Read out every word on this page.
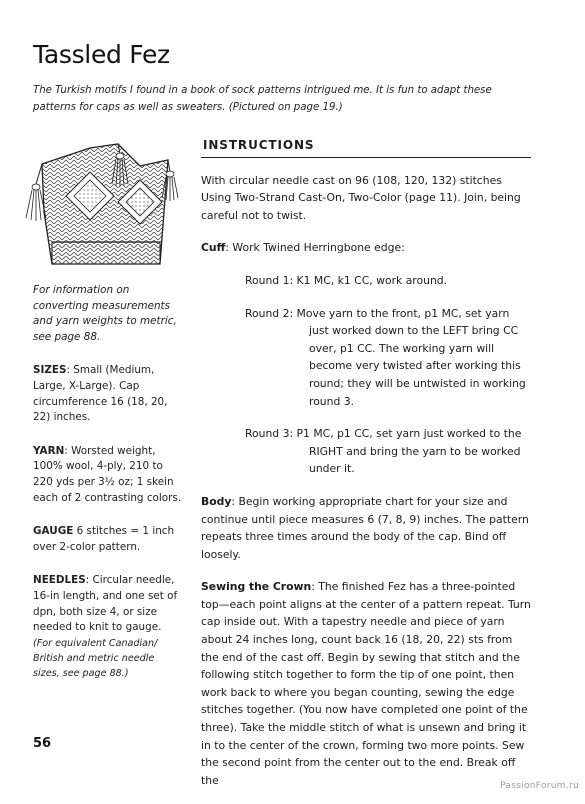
Tassled Fez

The Turkish motifs I found in a book of sock patterns intrigued me. It is fun to adapt these patterns for caps as well as sweaters. (Pictured on page 19.)

For information on converting measurements and yarn weights to metric, see page 88.

SIZES: Small (Medium, Large, X-Large). Cap circumference 16 (18, 20, 22) inches.

YARN: Worsted weight, 100% wool, 4-ply, 210 to 220 yds per 3½ oz; 1 skein each of 2 contrasting colors.

GAUGE 6 stitches = 1 inch over 2-color pattern.

NEEDLES: Circular needle, 16-in length, and one set of dpn, both size 4, or size needed to knit to gauge.
(For equivalent Canadian/ British and metric needle sizes, see page 88.)

INSTRUCTIONS

With circular needle cast on 96 (108, 120, 132) stitches Using Two-Strand Cast-On, Two-Color (page 11). Join, being careful not to twist.

Cuff: Work Twined Herringbone edge:

Round 1: K1 MC, k1 CC, work around.

Round 2: Move yarn to the front, p1 MC, set yarn just worked down to the LEFT bring CC over, p1 CC. The working yarn will become very twisted after working this round; they will be untwisted in working round 3.

Round 3: P1 MC, p1 CC, set yarn just worked to the RIGHT and bring the yarn to be worked under it.

Body: Begin working appropriate chart for your size and continue until piece measures 6 (7, 8, 9) inches. The pattern repeats three times around the body of the cap. Bind off loosely.

Sewing the Crown: The finished Fez has a three-pointed top—each point aligns at the center of a pattern repeat. Turn cap inside out. With a tapestry needle and piece of yarn about 24 inches long, count back 16 (18, 20, 22) sts from the end of the cast off. Begin by sewing that stitch and the following stitch together to form the tip of one point, then work back to where you began counting, sewing the edge stitches together. (You now have completed one point of the three). Take the middle stitch of what is unsewn and bring it in to the center of the crown, forming two more points. Sew the second point from the center out to the end. Break off the

56
PassionForum.ru
